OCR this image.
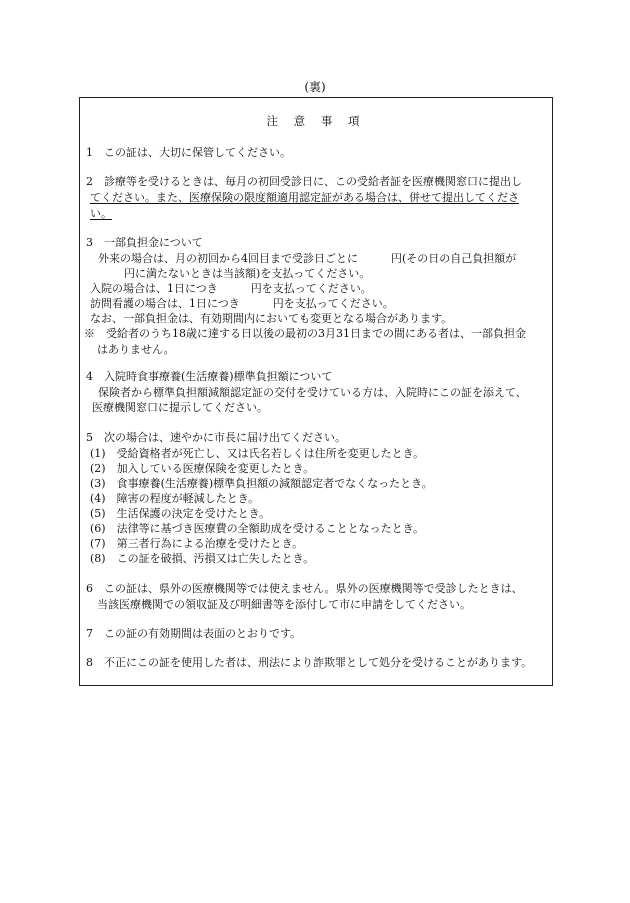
(裏)
注 意 事 項
1　この証は、大切に保管してください。
2　診療等を受けるときは、毎月の初回受診日に、この受給者証を医療機関窓口に提出し
てください。また、医療保険の限度額適用認定証がある場合は、併せて提出してくださ
い。
3　一部負担金について
外来の場合は、月の初回から4回目まで受診日ごとに　　　円(その日の自己負担額が
円に満たないときは当該額)を支払ってください。
入院の場合は、1日につき　　　円を支払ってください。
訪問看護の場合は、1日につき　　　円を支払ってください。
なお、一部負担金は、有効期間内においても変更となる場合があります。
※　受給者のうち18歳に達する日以後の最初の3月31日までの間にある者は、一部負担金
はありません。
4　入院時食事療養(生活療養)標準負担額について
保険者から標準負担額減額認定証の交付を受けている方は、入院時にこの証を添えて、
医療機関窓口に提示してください。
5　次の場合は、速やかに市長に届け出てください。
(1)　受給資格者が死亡し、又は氏名若しくは住所を変更したとき。
(2)　加入している医療保険を変更したとき。
(3)　食事療養(生活療養)標準負担額の減額認定者でなくなったとき。
(4)　障害の程度が軽減したとき。
(5)　生活保護の決定を受けたとき。
(6)　法律等に基づき医療費の全額助成を受けることとなったとき。
(7)　第三者行為による治療を受けたとき。
(8)　この証を破損、汚損又は亡失したとき。
6　この証は、県外の医療機関等では使えません。県外の医療機関等で受診したときは、
当該医療機関での領収証及び明細書等を添付して市に申請をしてください。
7　この証の有効期間は表面のとおりです。
8　不正にこの証を使用した者は、刑法により詐欺罪として処分を受けることがあります。
